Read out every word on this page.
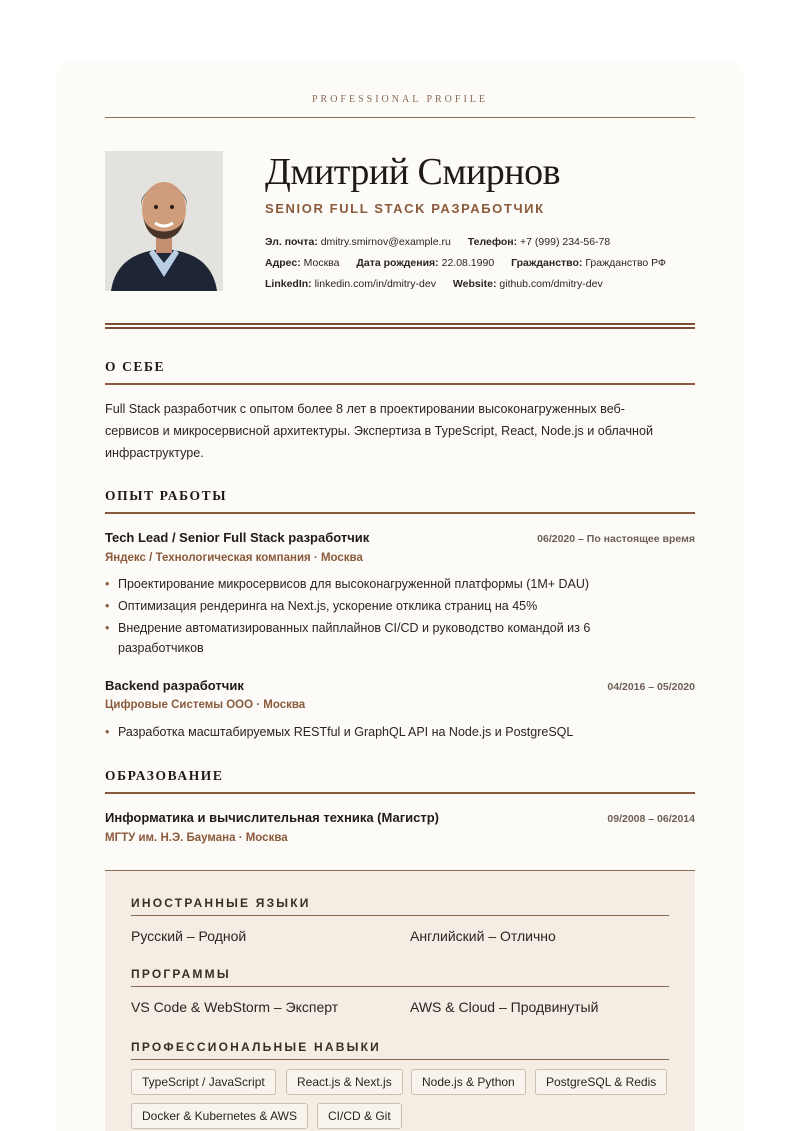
PROFESSIONAL PROFILE
Дмитрий Смирнов
SENIOR FULL STACK РАЗРАБОТЧИК
Эл. почта: dmitry.smirnov@example.ru Телефон: +7 (999) 234-56-78
Адрес: Москва Дата рождения: 22.08.1990 Гражданство: Гражданство РФ
LinkedIn: linkedin.com/in/dmitry-dev Website: github.com/dmitry-dev
О СЕБЕ
Full Stack разработчик с опытом более 8 лет в проектировании высоконагруженных веб-сервисов и микросервисной архитектуры. Экспертиза в TypeScript, React, Node.js и облачной инфраструктуре.
ОПЫТ РАБОТЫ
Tech Lead / Senior Full Stack разработчик	06/2020 – По настоящее время
Яндекс / Технологическая компания · Москва
• Проектирование микросервисов для высоконагруженной платформы (1M+ DAU)
• Оптимизация рендеринга на Next.js, ускорение отклика страниц на 45%
• Внедрение автоматизированных пайплайнов CI/CD и руководство командой из 6 разработчиков
Backend разработчик	04/2016 – 05/2020
Цифровые Системы ООО · Москва
• Разработка масштабируемых RESTful и GraphQL API на Node.js и PostgreSQL
ОБРАЗОВАНИЕ
Информатика и вычислительная техника (Магистр)	09/2008 – 06/2014
МГТУ им. Н.Э. Баумана · Москва
ИНОСТРАННЫЕ ЯЗЫКИ
Русский – Родной	Английский – Отлично
ПРОГРАММЫ
VS Code & WebStorm – Эксперт	AWS & Cloud – Продвинутый
ПРОФЕССИОНАЛЬНЫЕ НАВЫКИ
TypeScript / JavaScript	React.js & Next.js	Node.js & Python	PostgreSQL & Redis
Docker & Kubernetes & AWS	CI/CD & Git
